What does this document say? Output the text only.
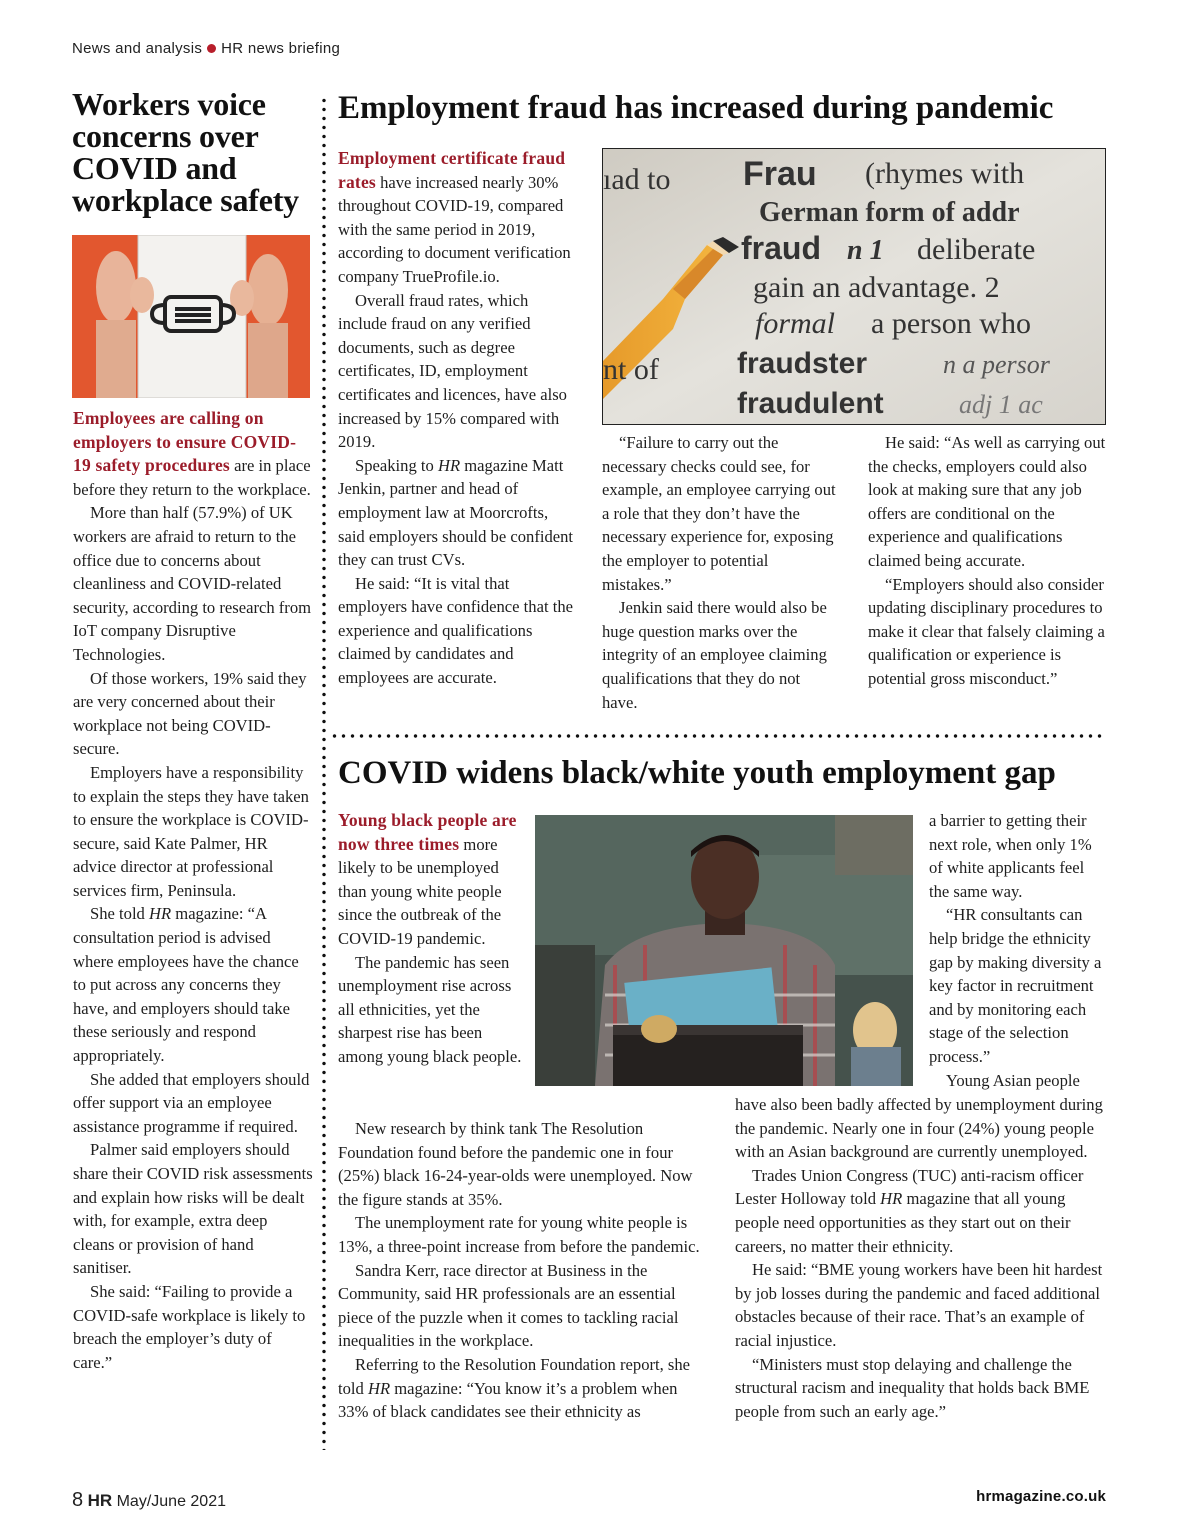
News and analysis HR news briefing
Workers voice concerns over COVID and workplace safety

Employees are calling on employers to ensure COVID-19 safety procedures are in place before they return to the workplace.

More than half (57.9%) of UK workers are afraid to return to the office due to concerns about cleanliness and COVID-related security, according to research from IoT company Disruptive Technologies.

Of those workers, 19% said they are very concerned about their workplace not being COVID-secure.

Employers have a responsibility to explain the steps they have taken to ensure the workplace is COVID-secure, said Kate Palmer, HR advice director at professional services firm, Peninsula.

She told HR magazine: “A consultation period is advised where employees have the chance to put across any concerns they have, and employers should take these seriously and respond appropriately.

She added that employers should offer support via an employee assistance programme if required.

Palmer said employers should share their COVID risk assessments and explain how risks will be dealt with, for example, extra deep cleans or provision of hand sanitiser.

She said: “Failing to provide a COVID-safe workplace is likely to breach the employer’s duty of care.”

Employment fraud has increased during pandemic

Employment certificate fraud rates have increased nearly 30% throughout COVID-19, compared with the same period in 2019, according to document verification company TrueProfile.io.

Overall fraud rates, which include fraud on any verified documents, such as degree certificates, ID, employment certificates and licences, have also increased by 15% compared with 2019.

Speaking to HR magazine Matt Jenkin, partner and head of employment law at Moorcrofts, said employers should be confident they can trust CVs.

He said: “It is vital that employers have confidence that the experience and qualifications claimed by candidates and employees are accurate.

ıad to Frau (rhymes with
German form of addr
fraud n 1 deliberate
gain an advantage. 2
formal a person who
nt of	fraudster	n a persor
fraudulent	adj 1 ac

“Failure to carry out the necessary checks could see, for example, an employee carrying out a role that they don’t have the necessary experience for, exposing the employer to potential mistakes.”

Jenkin said there would also be huge question marks over the integrity of an employee claiming qualifications that they do not have.

He said: “As well as carrying out the checks, employers could also look at making sure that any job offers are conditional on the experience and qualifications claimed being accurate.

“Employers should also consider updating disciplinary procedures to make it clear that falsely claiming a qualification or experience is potential gross misconduct.”

COVID widens black/white youth employment gap

Young black people are now three times more likely to be unemployed than young white people since the outbreak of the COVID-19 pandemic.

The pandemic has seen unemployment rise across all ethnicities, yet the sharpest rise has been among young black people.

New research by think tank The Resolution Foundation found before the pandemic one in four (25%) black 16-24-year-olds were unemployed. Now the figure stands at 35%.

The unemployment rate for young white people is 13%, a three-point increase from before the pandemic.

Sandra Kerr, race director at Business in the Community, said HR professionals are an essential piece of the puzzle when it comes to tackling racial inequalities in the workplace.

Referring to the Resolution Foundation report, she told HR magazine: “You know it’s a problem when 33% of black candidates see their ethnicity as

a barrier to getting their next role, when only 1% of white applicants feel the same way.

“HR consultants can help bridge the ethnicity gap by making diversity a key factor in recruitment and by monitoring each stage of the selection process.”

Young Asian people

have also been badly affected by unemployment during the pandemic. Nearly one in four (24%) young people with an Asian background are currently unemployed.

Trades Union Congress (TUC) anti-racism officer Lester Holloway told HR magazine that all young people need opportunities as they start out on their careers, no matter their ethnicity.

He said: “BME young workers have been hit hardest by job losses during the pandemic and faced additional obstacles because of their race. That’s an example of racial injustice.

“Ministers must stop delaying and challenge the structural racism and inequality that holds back BME people from such an early age.”

8 HR May/June 2021	hrmagazine.co.uk
